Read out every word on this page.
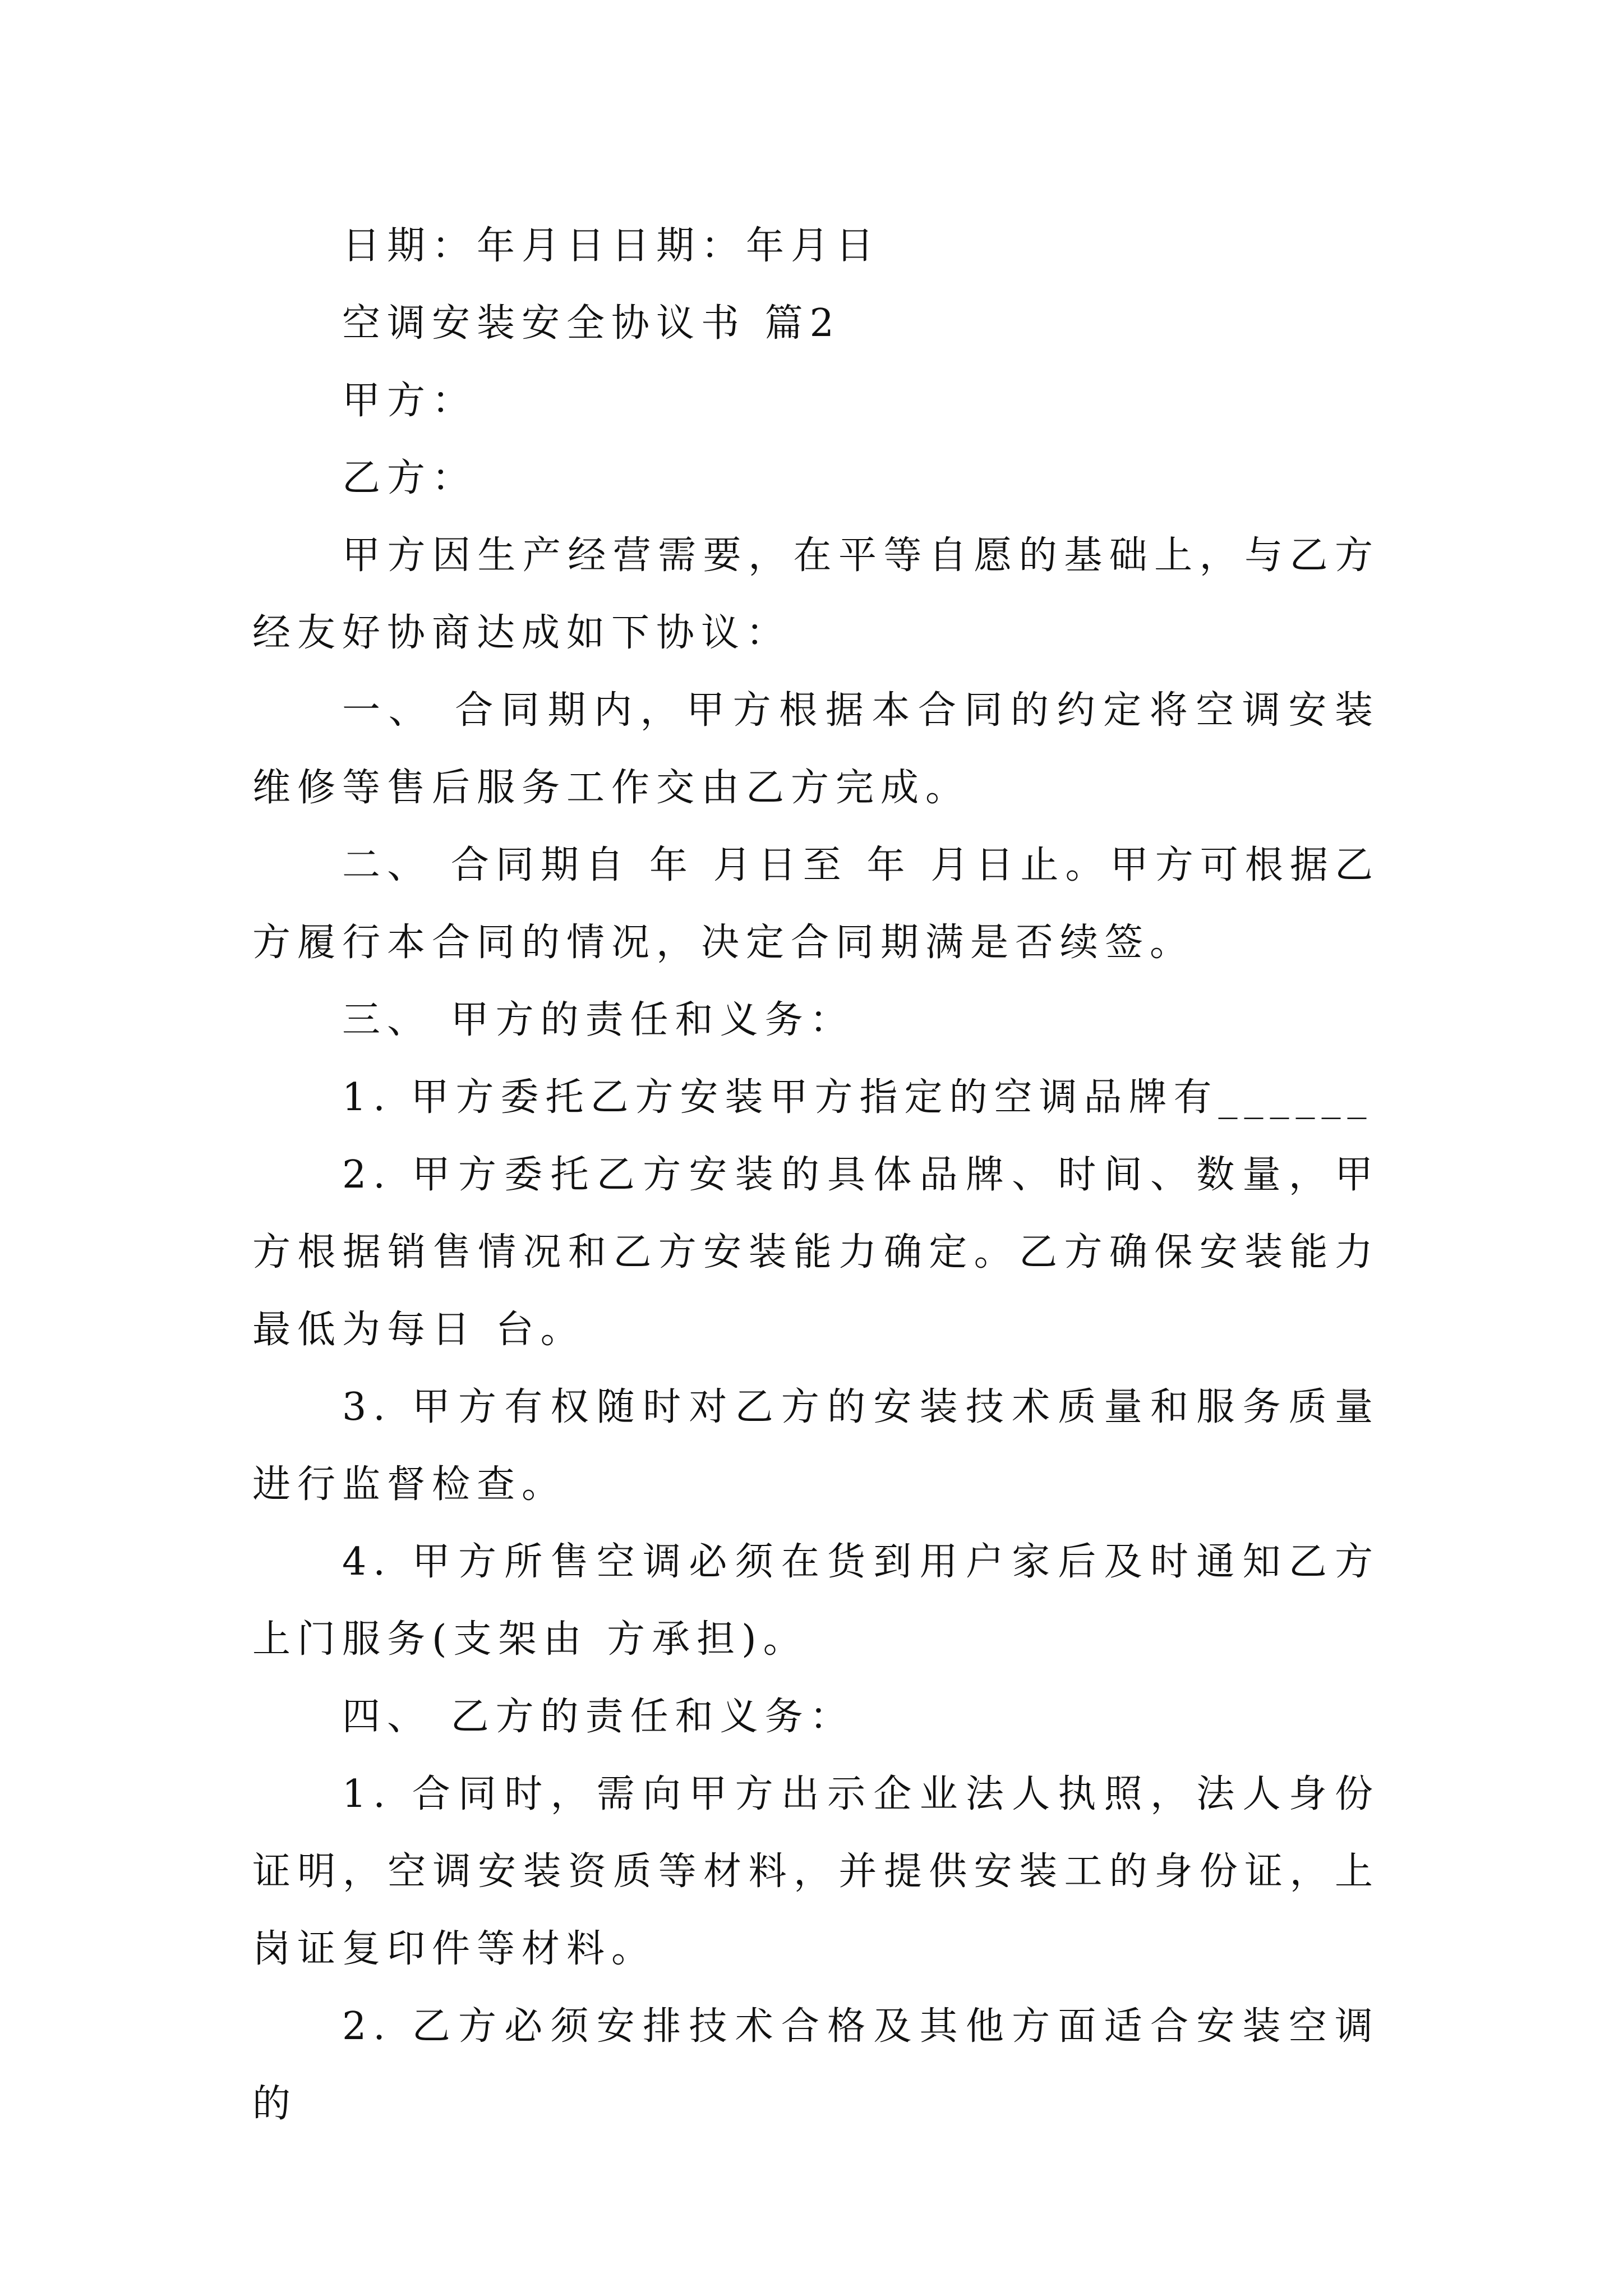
日期：年月日日期：年月日

空调安装安全协议书 篇2

甲方：

乙方：

甲方因生产经营需要，在平等自愿的基础上，与乙方经友好协商达成如下协议：

一、 合同期内，甲方根据本合同的约定将空调安装维修等售后服务工作交由乙方完成。

二、 合同期自 年 月日至 年 月日止。甲方可根据乙方履行本合同的情况，决定合同期满是否续签。

三、 甲方的责任和义务：

1. 甲方委托乙方安装甲方指定的空调品牌有______

2. 甲方委托乙方安装的具体品牌、时间、数量，甲方根据销售情况和乙方安装能力确定。乙方确保安装能力最低为每日 台。

3. 甲方有权随时对乙方的安装技术质量和服务质量进行监督检查。

4. 甲方所售空调必须在货到用户家后及时通知乙方上门服务(支架由 方承担)。

四、 乙方的责任和义务：

1. 合同时，需向甲方出示企业法人执照，法人身份证明，空调安装资质等材料，并提供安装工的身份证，上岗证复印件等材料。

2. 乙方必须安排技术合格及其他方面适合安装空调的
